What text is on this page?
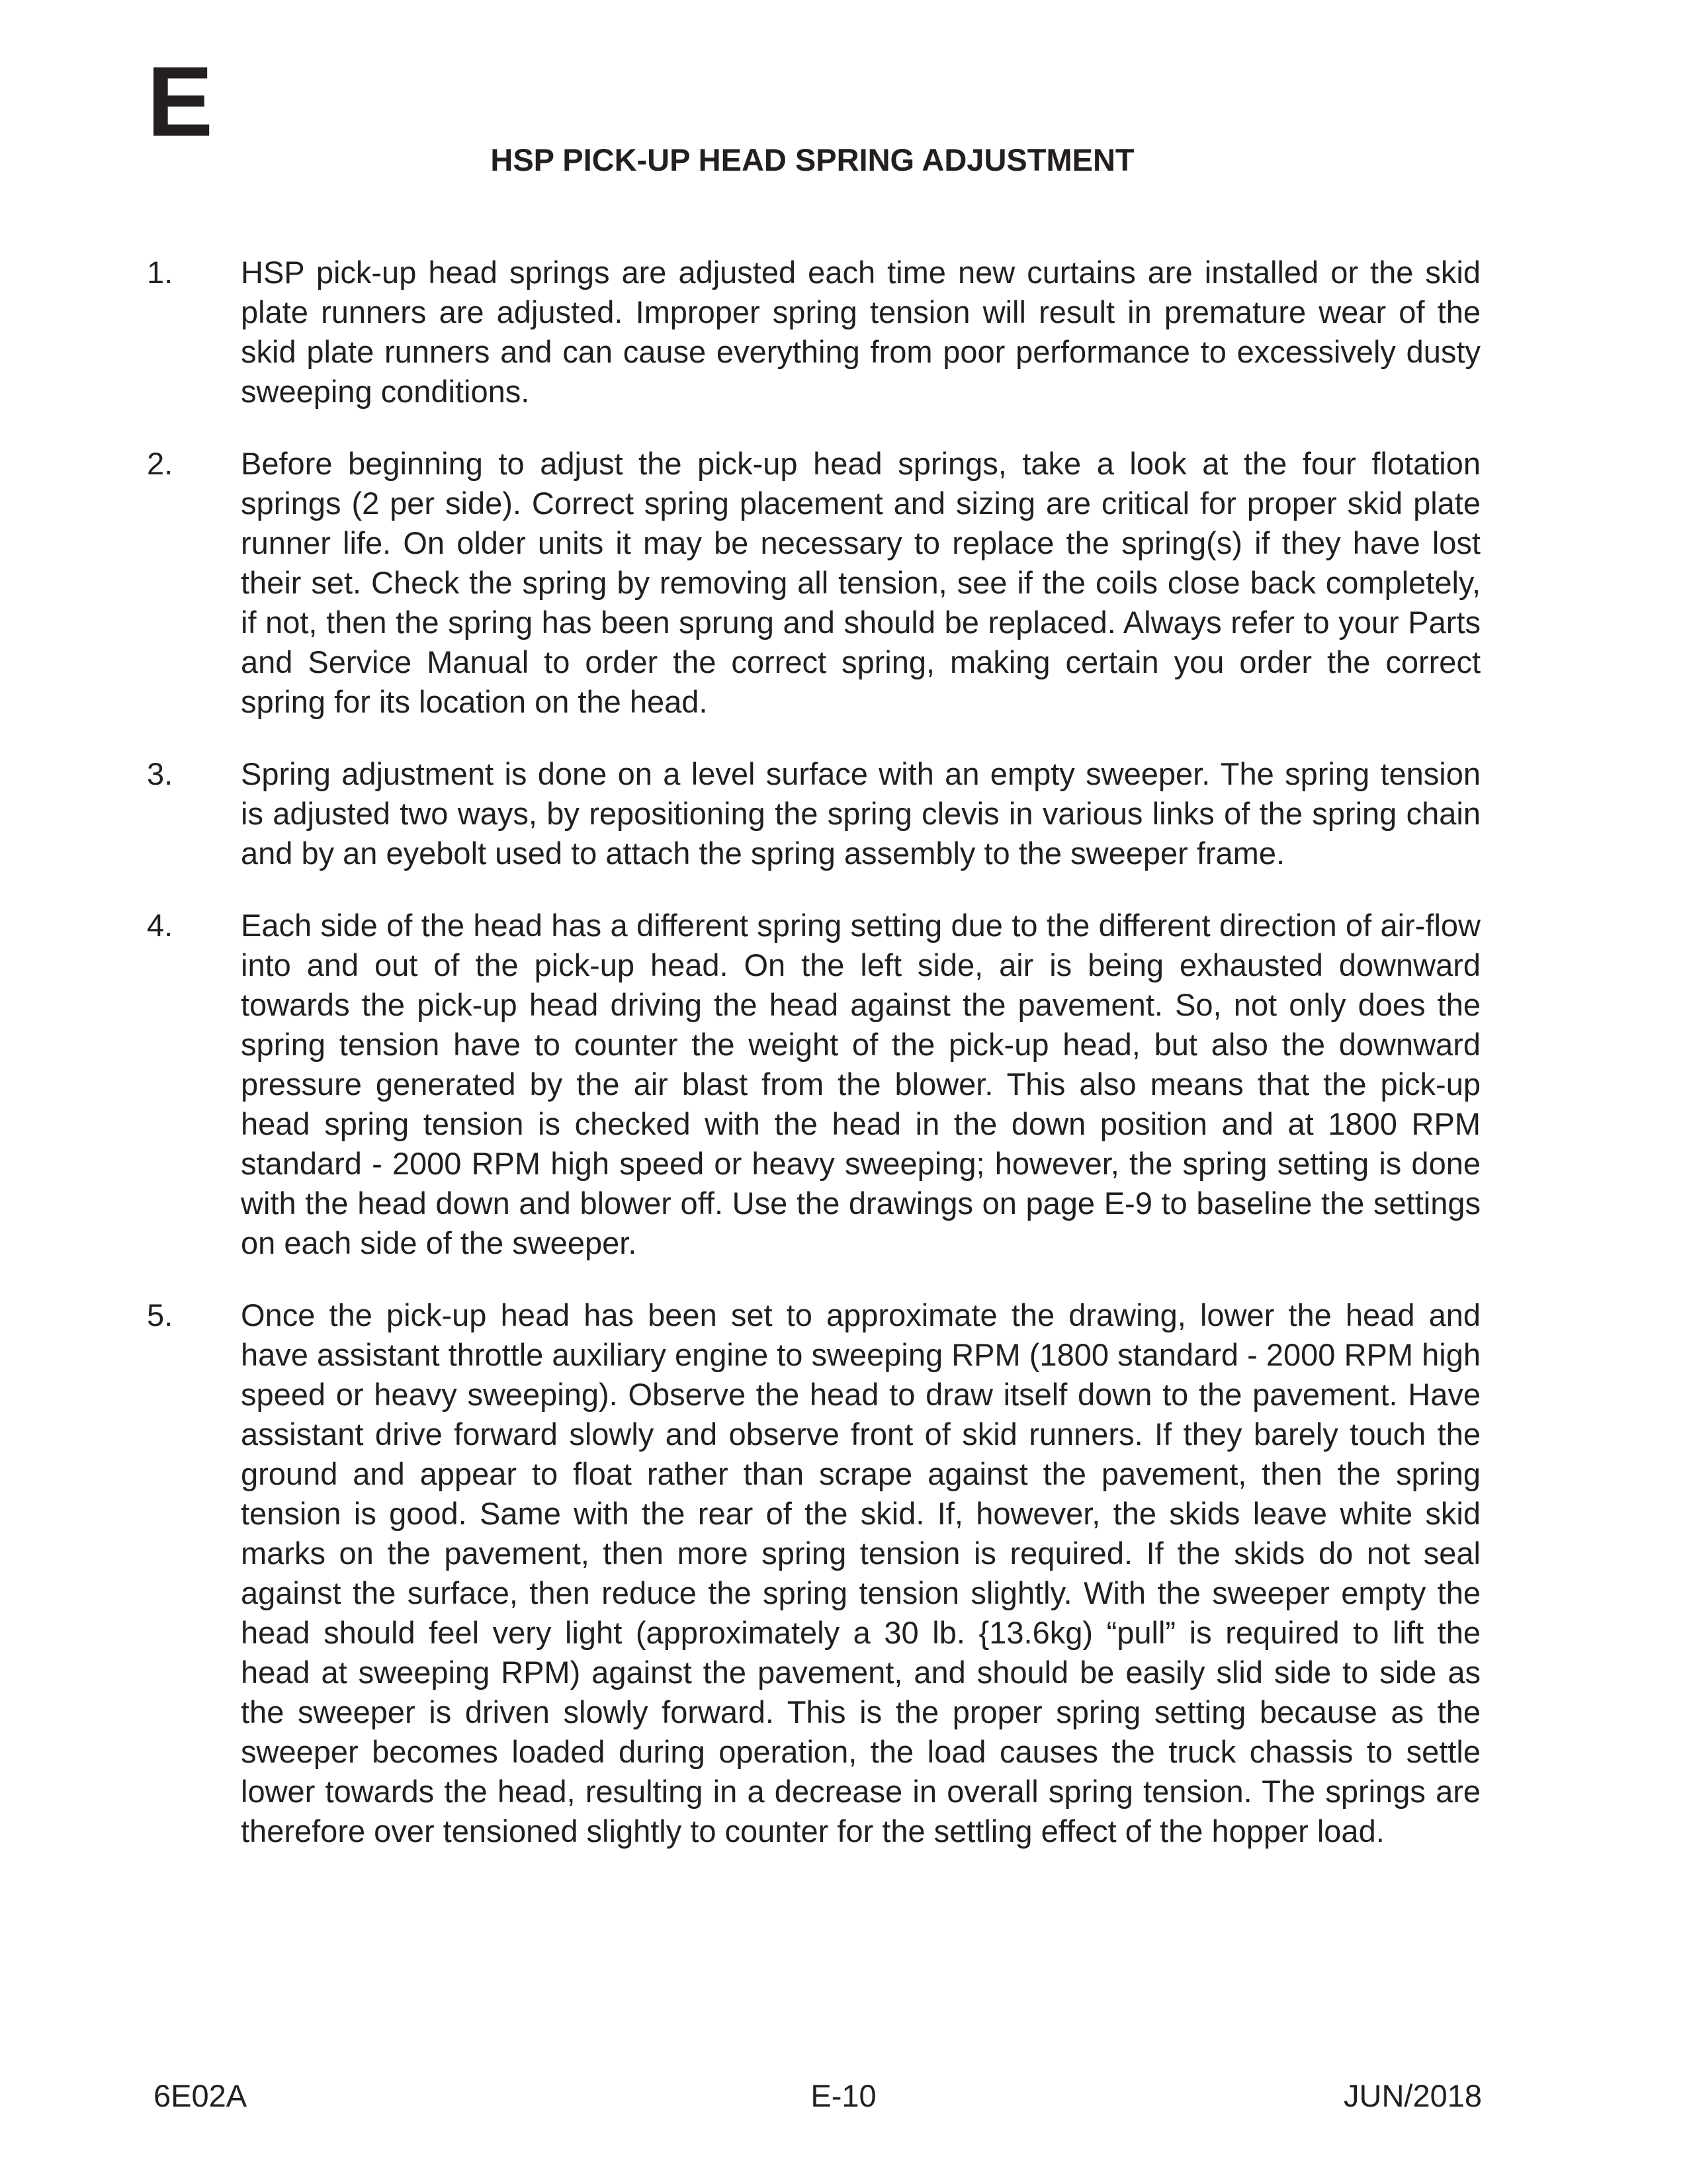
E
HSP PICK-UP HEAD SPRING ADJUSTMENT
1.	HSP pick-up head springs are adjusted each time new curtains are installed or the skid plate runners are adjusted. Improper spring tension will result in premature wear of the skid plate runners and can cause everything from poor performance to excessively dusty sweeping conditions.

2.	Before beginning to adjust the pick-up head springs, take a look at the four flotation springs (2 per side). Correct spring placement and sizing are critical for proper skid plate runner life. On older units it may be necessary to replace the spring(s) if they have lost their set. Check the spring by removing all tension, see if the coils close back completely, if not, then the spring has been sprung and should be replaced. Always refer to your Parts and Service Manual to order the correct spring, making certain you order the correct spring for its location on the head.

3.	Spring adjustment is done on a level surface with an empty sweeper. The spring tension is adjusted two ways, by repositioning the spring clevis in various links of the spring chain and by an eyebolt used to attach the spring assembly to the sweeper frame.

4.	Each side of the head has a different spring setting due to the different direction of air-flow into and out of the pick-up head. On the left side, air is being exhausted downward towards the pick-up head driving the head against the pavement. So, not only does the spring tension have to counter the weight of the pick-up head, but also the downward pressure generated by the air blast from the blower. This also means that the pick-up head spring tension is checked with the head in the down position and at 1800 RPM standard - 2000 RPM high speed or heavy sweeping; however, the spring setting is done with the head down and blower off. Use the drawings on page E-9 to baseline the settings on each side of the sweeper.

5.	Once the pick-up head has been set to approximate the drawing, lower the head and have assistant throttle auxiliary engine to sweeping RPM (1800 standard - 2000 RPM high speed or heavy sweeping). Observe the head to draw itself down to the pavement. Have assistant drive forward slowly and observe front of skid runners. If they barely touch the ground and appear to float rather than scrape against the pavement, then the spring tension is good. Same with the rear of the skid. If, however, the skids leave white skid marks on the pavement, then more spring tension is required. If the skids do not seal against the surface, then reduce the spring tension slightly. With the sweeper empty the head should feel very light (approximately a 30 lb. {13.6kg) “pull” is required to lift the head at sweeping RPM) against the pavement, and should be easily slid side to side as the sweeper is driven slowly forward. This is the proper spring setting because as the sweeper becomes loaded during operation, the load causes the truck chassis to settle lower towards the head, resulting in a decrease in overall spring tension. The springs are therefore over tensioned slightly to counter for the settling effect of the hopper load.

6E02A	E-10	JUN/2018
